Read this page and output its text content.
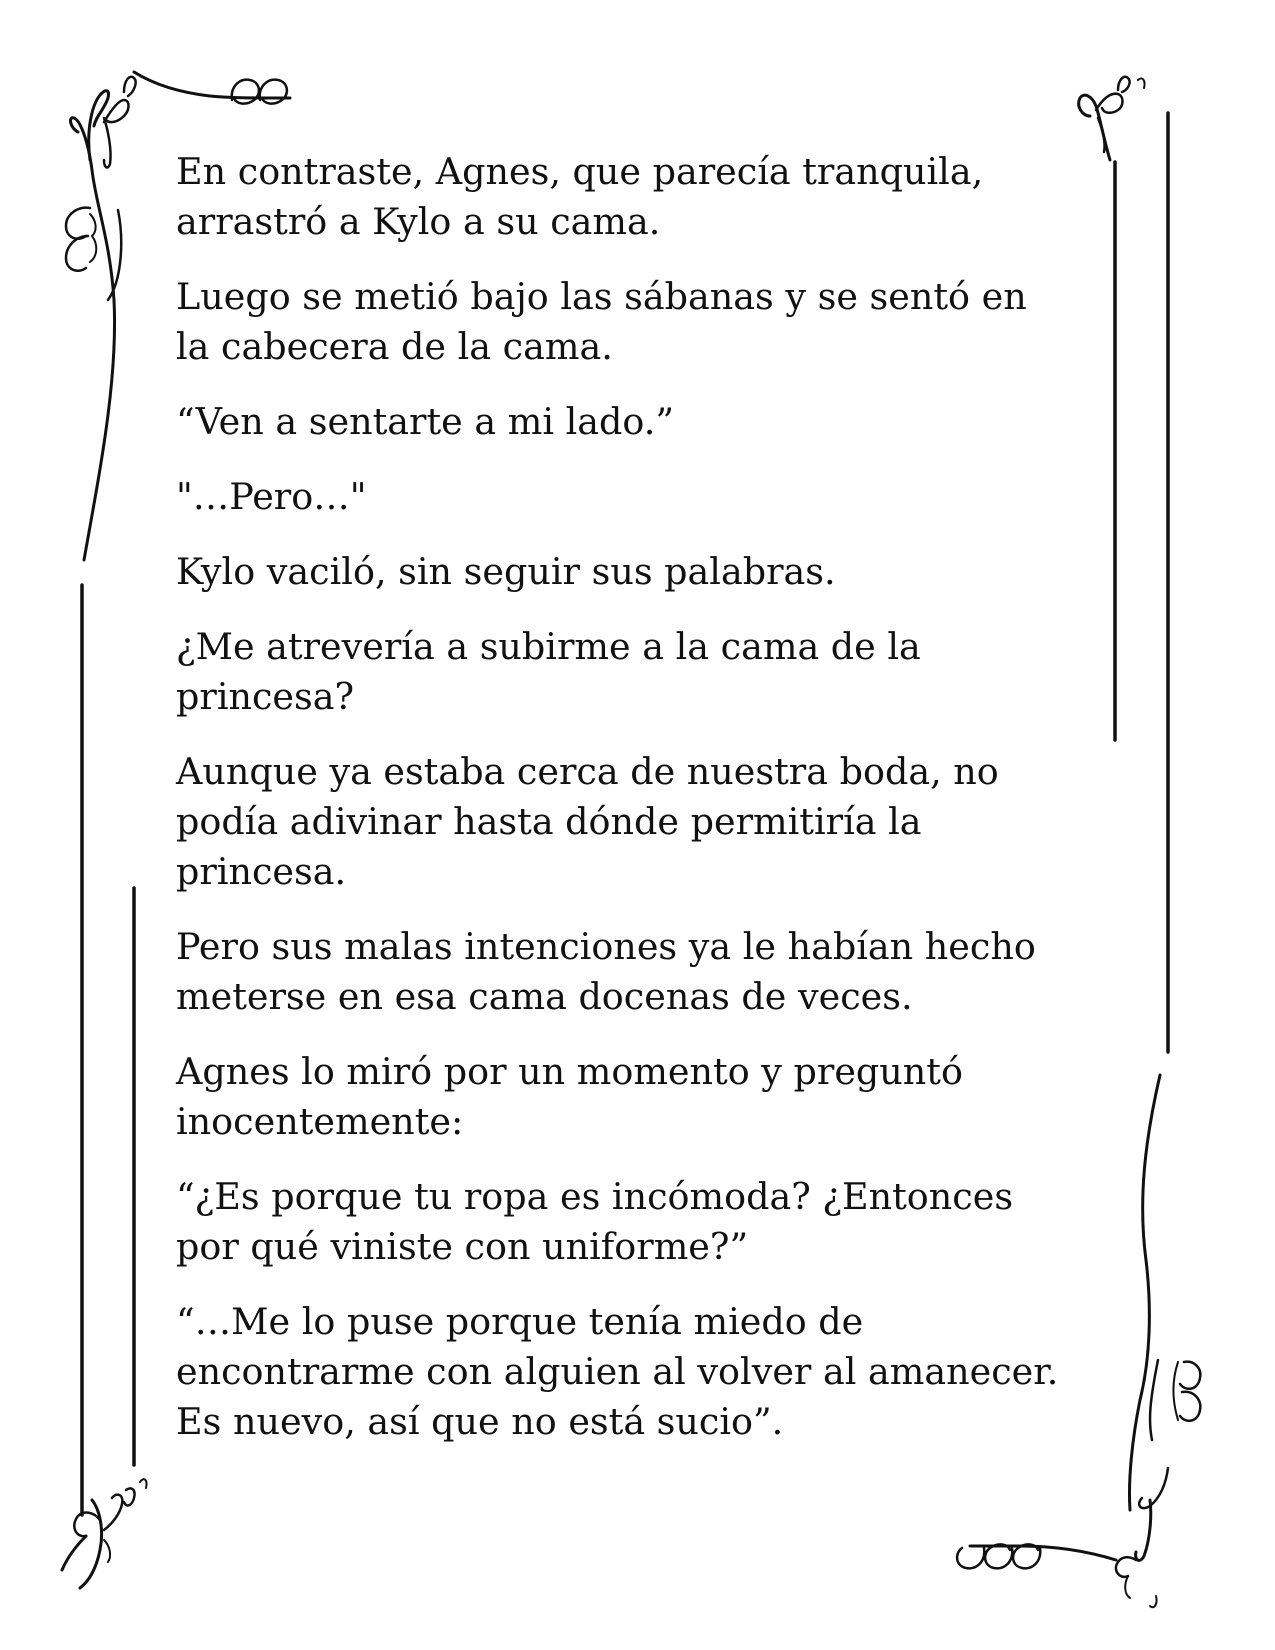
En contraste, Agnes, que parecía tranquila,
arrastró a Kylo a su cama.

Luego se metió bajo las sábanas y se sentó en
la cabecera de la cama.

“Ven a sentarte a mi lado.”

"…Pero…"

Kylo vaciló, sin seguir sus palabras.

¿Me atrevería a subirme a la cama de la
princesa?

Aunque ya estaba cerca de nuestra boda, no
podía adivinar hasta dónde permitiría la
princesa.

Pero sus malas intenciones ya le habían hecho
meterse en esa cama docenas de veces.

Agnes lo miró por un momento y preguntó
inocentemente:

“¿Es porque tu ropa es incómoda? ¿Entonces
por qué viniste con uniforme?”

“…Me lo puse porque tenía miedo de
encontrarme con alguien al volver al amanecer.
Es nuevo, así que no está sucio”.
